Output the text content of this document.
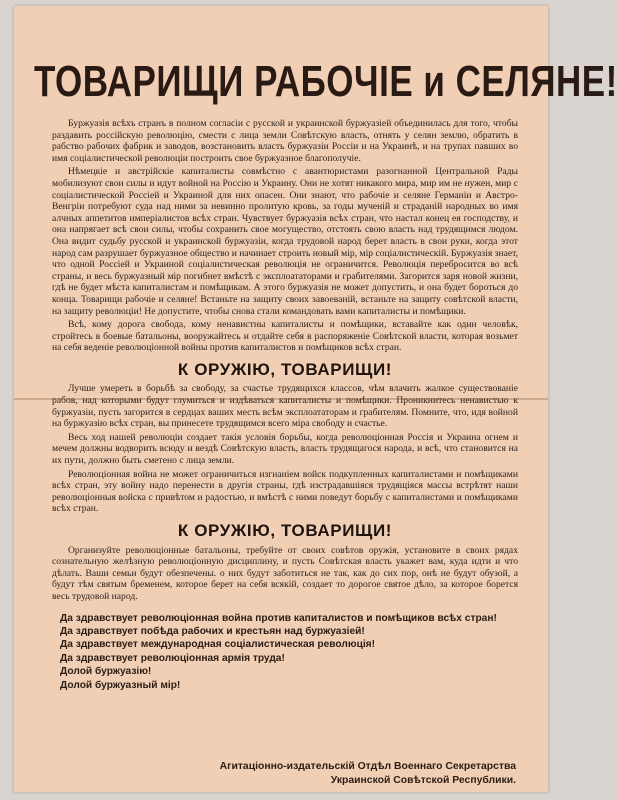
ТОВАРИЩИ РАБОЧІЕ и СЕЛЯНЕ!

Буржуазія всѣхъ странъ в полном согласіи с русской и украинской буржуазіей объединилась для того, чтобы раздавить россійскую революцію, смести с лица земли Совѣтскую власть, отнять у селян землю, обратить в рабство рабочих фабрик и заводов, возстановить власть буржуазіи Россіи и на Украинѣ, и на трупах павших во имя соціалистической революціи построить свое буржуазное благополучіе.

Нѣмецкіе и австрійскіе капиталисты совмѣстно с авантюристами разогнанной Центральной Рады мобилизуют свои силы и идут войной на Россію и Украину. Они не хотят никакого мира, мир им не нужен, мир с соціалистической Россіей и Украиной для них опасен. Они знают, что рабочіе и селяне Германіи и Австро-Венгріи потребуют суда над ними за невинно пролитую кровь, за годы мученій и страданій народных во имя алчных аппетитов имперіалистов всѣх стран. Чувствует буржуазія всѣх стран, что настал конец ея господству, и она напрягает всѣ свои силы, чтобы сохранить свое могущество, отстоять свою власть над трудящимся людом. Она видит судьбу русской и украинской буржуазіи, когда трудовой народ берет власть в свои руки, когда этот народ сам разрушает буржуазное общество и начинает строить новый мір, мір соціалистическій. Буржуазія знает, что одной Россіей и Украиной соціалистическая революція не ограничится. Революція перебросится во всѣ страны, и весь буржуазный мір погибнет вмѣстѣ с эксплоататорами и грабителями. Загорится заря новой жизни, гдѣ не будет мѣста капиталистам и помѣщикам. А этого буржуазія не может допустить, и она будет бороться до конца. Товарищи рабочіе и селяне! Встаньте на защиту своих завоеваній, встаньте на защиту совѣтской власти, на защиту революціи! Не допустите, чтобы снова стали командовать вами капиталисты и помѣщики.

Всѣ, кому дорога свобода, кому ненавистны капиталисты и помѣщики, вставайте как один человѣк, стройтесь в боевые батальоны, вооружайтесь и отдайте себя в распоряженіе Совѣтской власти, которая возьмет на себя веденіе революціонной войны против капиталистов и помѣщиков всѣх стран.

К ОРУЖІЮ, ТОВАРИЩИ!

Лучше умереть в борьбѣ за свободу, за счастье трудящихся классов, чѣм влачить жалкое существованіе рабов, над которыми будут глумиться и издѣваться капиталисты и помѣщики. Проникнитесь ненавистью к буржуазіи, пусть загорится в сердцах ваших месть всѣм эксплоататорам и грабителям. Помните, что, идя войной на буржуазію всѣх стран, вы принесете трудящимся всего міра свободу и счастье.

Весь ход нашей революціи создает такія условія борьбы, когда революціонная Россія и Украина огнем и мечем должны водворить всюду и вездѣ Совѣтскую власть, власть трудящагося народа, и всѣ, что становится на их пути, должно быть сметено с лица земли.

Революціонная война не может ограничиться изгнаніем войск подкупленных капиталистами и помѣщиками всѣх стран, эту войну надо перенести в другія страны, гдѣ изстрадавшіяся трудящіяся массы встрѣтят наши революціонныя войска с привѣтом и радостью, и вмѣстѣ с ними поведут борьбу с капиталистами и помѣщиками всѣх стран.

К ОРУЖІЮ, ТОВАРИЩИ!

Организуйте революціонные батальоны, требуйте от своих совѣтов оружія, установите в своих рядах сознательную желѣзную революціонную дисциплину, и пусть Совѣтская власть укажет вам, куда идти и что дѣлать. Ваши семьи будут обезпечены. о них будут заботиться не так, как до сих пор, онѣ не будут обузой, а будут тѣм святым бременем, которое берет на себя всякій, создает то дорогое святое дѣло, за которое борется весь трудовой народ.

Да здравствует революціонная война против капиталистов и помѣщиков всѣх стран!
Да здравствует побѣда рабочих и крестьян над буржуазіей!
Да здравствует международная соціалистическая революція!
Да здравствует революціонная армія труда!
Долой буржуазію!
Долой буржуазный мір!
Агитаціонно-издательскій Отдѣл Военнаго Секретарства
Украинской Совѣтской Республики.
